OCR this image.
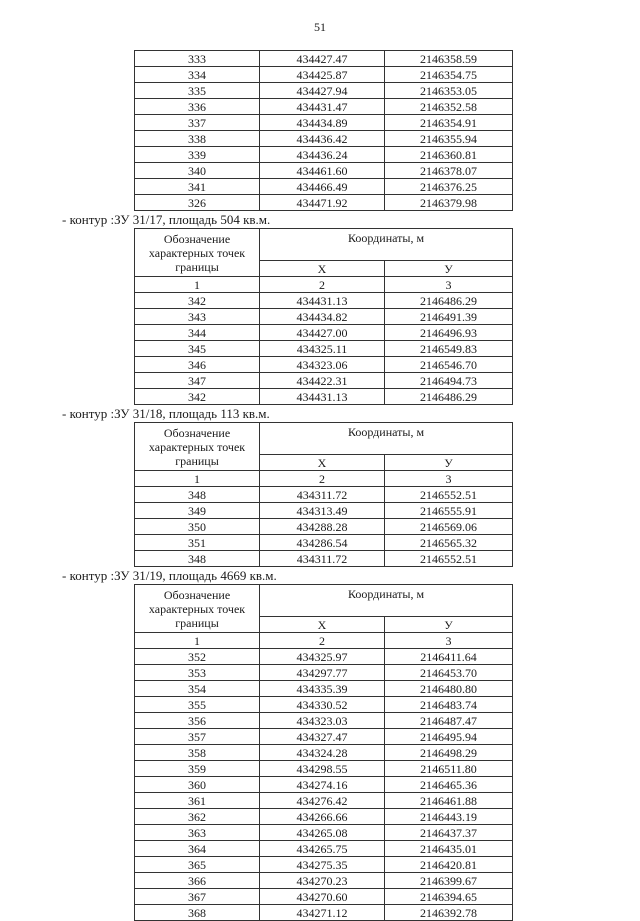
51
333	434427.47	2146358.59
334	434425.87	2146354.75
335	434427.94	2146353.05
336	434431.47	2146352.58
337	434434.89	2146354.91
338	434436.42	2146355.94
339	434436.24	2146360.81
340	434461.60	2146378.07
341	434466.49	2146376.25
326	434471.92	2146379.98
- контур :ЗУ 31/17, площадь 504 кв.м.
Обозначение характерных точек границы	Координаты, м	
	X	У
1	2	3
342	434431.13	2146486.29
343	434434.82	2146491.39
344	434427.00	2146496.93
345	434325.11	2146549.83
346	434323.06	2146546.70
347	434422.31	2146494.73
342	434431.13	2146486.29
- контур :ЗУ 31/18, площадь 113 кв.м.
Обозначение характерных точек границы	Координаты, м	
	X	У
1	2	3
348	434311.72	2146552.51
349	434313.49	2146555.91
350	434288.28	2146569.06
351	434286.54	2146565.32
348	434311.72	2146552.51
- контур :ЗУ 31/19, площадь 4669 кв.м.
Обозначение характерных точек границы	Координаты, м	
	X	У
1	2	3
352	434325.97	2146411.64
353	434297.77	2146453.70
354	434335.39	2146480.80
355	434330.52	2146483.74
356	434323.03	2146487.47
357	434327.47	2146495.94
358	434324.28	2146498.29
359	434298.55	2146511.80
360	434274.16	2146465.36
361	434276.42	2146461.88
362	434266.66	2146443.19
363	434265.08	2146437.37
364	434265.75	2146435.01
365	434275.35	2146420.81
366	434270.23	2146399.67
367	434270.60	2146394.65
368	434271.12	2146392.78
